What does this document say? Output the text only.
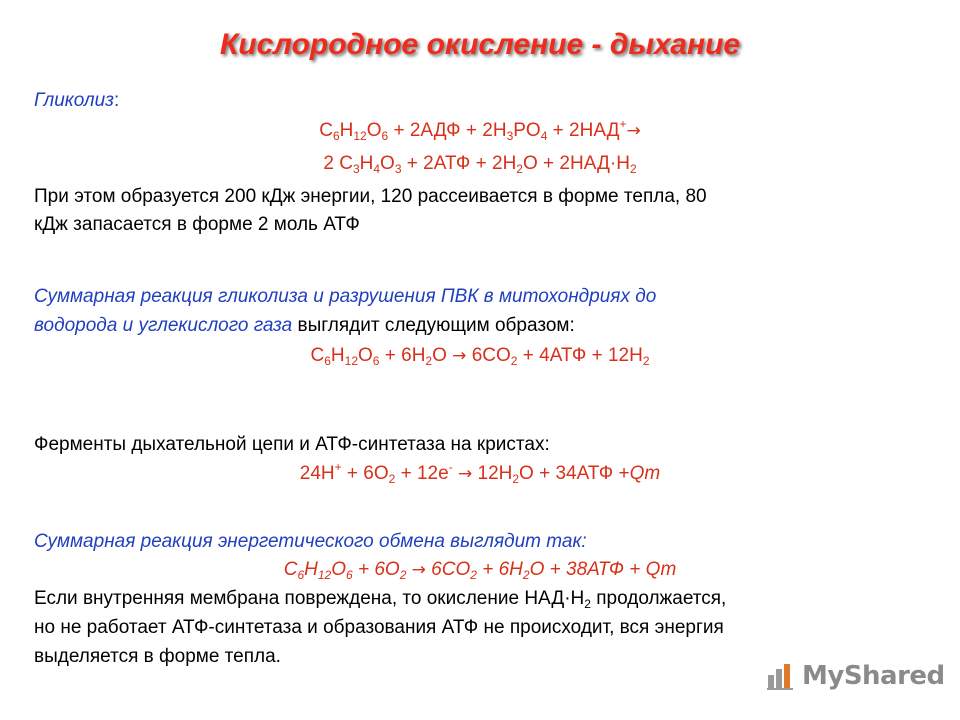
Кислородное окисление - дыхание
Гликолиз:
$C_6H_{12}O_6 + 2АДФ + 2H_3PO_4 + 2НАД^+\to$
2 $C_3H_4O_3 + 2АТФ + 2H_2O + 2НАД\cdot H_2$
При этом образуется 200 кДж энергии, 120 рассеивается в форме тепла, 80
кДж запасается в форме 2 моль АТФ
Суммарная реакция гликолиза и разрушения ПВК в митохондриях до
водорода и углекислого газа выглядит следующим образом:
$C_6H_{12}O_6 + 6H_2O \to 6CO_2 + 4АТФ + 12H_2$
Ферменты дыхательной цепи и АТФ-синтетаза на кристах:
$24H^+ + 6O_2 + 12e^- \to 12H_2O + 34АТФ +Qm$
Суммарная реакция энергетического обмена выглядит так:
$C_6H_{12}O_6 + 6O_2 \to 6CO_2 + 6H_2O + 38АТФ + Qm$
Если внутренняя мембрана повреждена, то окисление $НАД\cdot H_2$ продолжается,
но не работает АТФ-синтетаза и образования АТФ не происходит, вся энергия
выделяется в форме тепла.
MyShared
